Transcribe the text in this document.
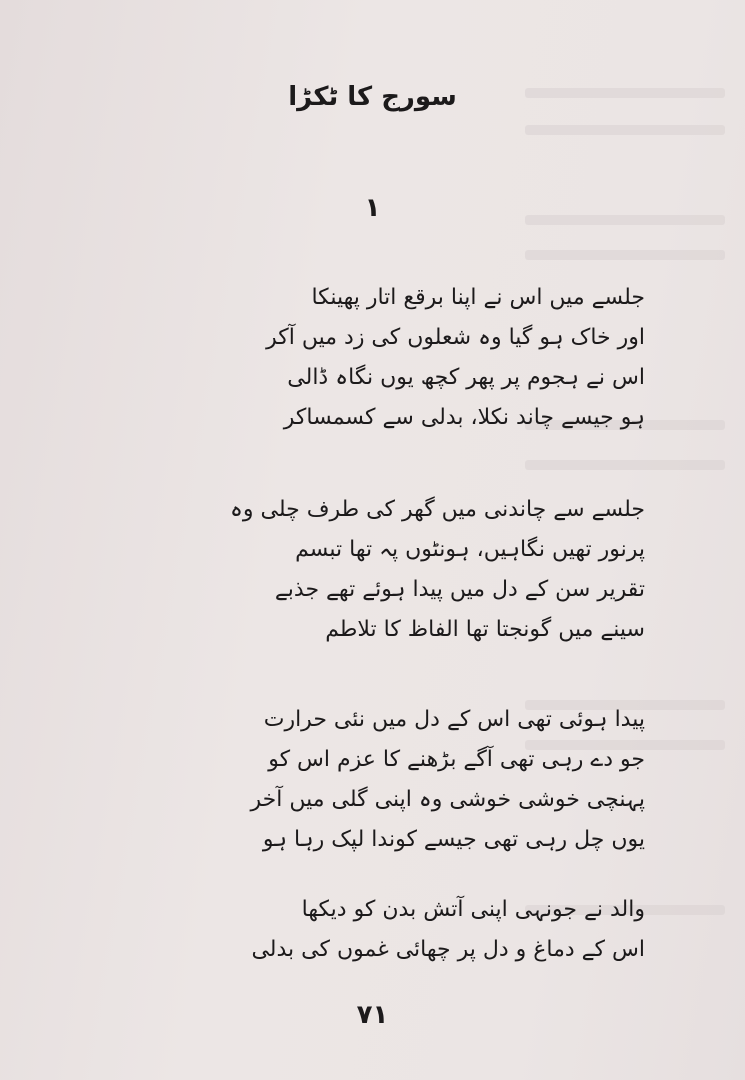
سورج کا ٹکڑا
۱
جلسے میں اس نے اپنا برقع اتار پھینکا
اور خاک ہو گیا وہ شعلوں کی زد میں آکر
اس نے ہجوم پر پھر کچھ یوں نگاہ ڈالی
ہو جیسے چاند نکلا، بدلی سے کسمساکر
جلسے سے چاندنی میں گھر کی طرف چلی وہ
پرنور تھیں نگاہیں، ہونٹوں پہ تھا تبسم
تقریر سن کے دل میں پیدا ہوئے تھے جذبے
سینے میں گونجتا تھا الفاظ کا تلاطم
پیدا ہوئی تھی اس کے دل میں نئی حرارت
جو دے رہی تھی آگے بڑھنے کا عزم اس کو
پہنچی خوشی خوشی وہ اپنی گلی میں آخر
یوں چل رہی تھی جیسے کوندا لپک رہا ہو
والد نے جونہی اپنی آتش بدن کو دیکھا
اس کے دماغ و دل پر چھائی غموں کی بدلی
۷۱
